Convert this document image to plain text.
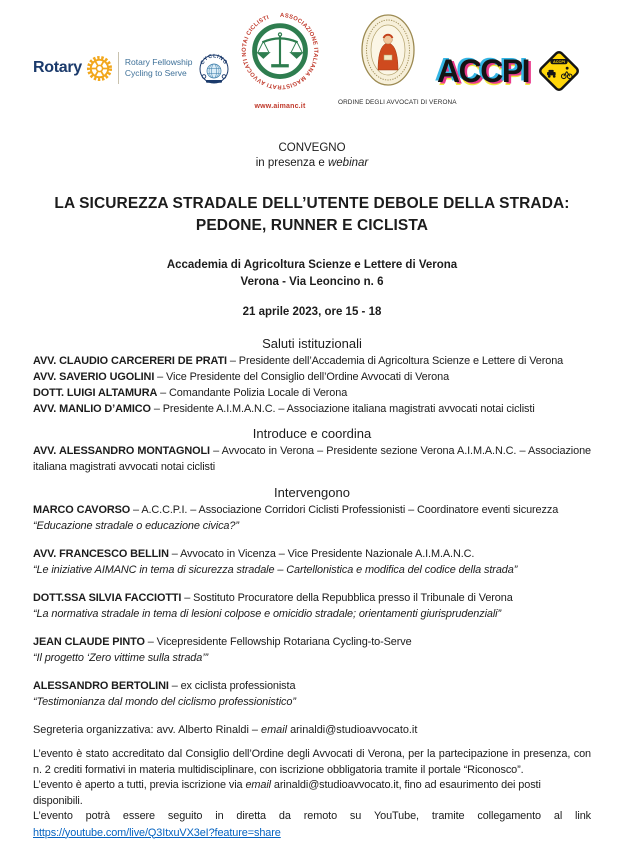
Rotary	Rotary Fellowship
Cycling to Serve
CYCLING
ASSOCIAZIONE ITALIANA MAGISTRATI AVVOCATI NOTAI CICLISTI
www.aimanc.it
ORDINE DEGLI AVVOCATI DI VERONA
ACCPI	ACCPI
CONVEGNO
in presenza e webinar
LA SICUREZZA STRADALE DELL’UTENTE DEBOLE DELLA STRADA:
PEDONE, RUNNER E CICLISTA
Accademia di Agricoltura Scienze e Lettere di Verona
Verona - Via Leoncino n. 6
21 aprile 2023, ore 15 - 18
Saluti istituzionali

AVV. CLAUDIO CARCERERI DE PRATI – Presidente dell’Accademia di Agricoltura Scienze e Lettere di Verona

AVV. SAVERIO UGOLINI – Vice Presidente del Consiglio dell’Ordine Avvocati di Verona

DOTT. LUIGI ALTAMURA – Comandante Polizia Locale di Verona

AVV. MANLIO D’AMICO – Presidente A.I.M.A.N.C. – Associazione italiana magistrati avvocati notai ciclisti

Introduce e coordina

AVV. ALESSANDRO MONTAGNOLI – Avvocato in Verona – Presidente sezione Verona A.I.M.A.N.C. – Associazione italiana magistrati avvocati notai ciclisti

Intervengono

MARCO CAVORSO – A.C.C.P.I. – Associazione Corridori Ciclisti Professionisti – Coordinatore eventi sicurezza

“Educazione stradale o educazione civica?”

AVV. FRANCESCO BELLIN – Avvocato in Vicenza – Vice Presidente Nazionale A.I.M.A.N.C.

“Le iniziative AIMANC in tema di sicurezza stradale – Cartellonistica e modifica del codice della strada”

DOTT.SSA SILVIA FACCIOTTI – Sostituto Procuratore della Repubblica presso il Tribunale di Verona

“La normativa stradale in tema di lesioni colpose e omicidio stradale; orientamenti giurisprudenziali”

JEAN CLAUDE PINTO – Vicepresidente Fellowship Rotariana Cycling-to-Serve

“Il progetto ‘Zero vittime sulla strada’”

ALESSANDRO BERTOLINI – ex ciclista professionista

“Testimonianza dal mondo del ciclismo professionistico”

Segreteria organizzativa: avv. Alberto Rinaldi – email arinaldi@studioavvocato.it

L’evento è stato accreditato dal Consiglio dell’Ordine degli Avvocati di Verona, per la partecipazione in presenza, con n. 2 crediti formativi in materia multidisciplinare, con iscrizione obbligatoria tramite il portale “Riconosco”.

L’evento è aperto a tutti, previa iscrizione via email arinaldi@studioavvocato.it, fino ad esaurimento dei posti disponibili.

L’evento potrà essere seguito in diretta da remoto su YouTube, tramite collegamento al link

https://youtube.com/live/Q3ItxuVX3eI?feature=share
